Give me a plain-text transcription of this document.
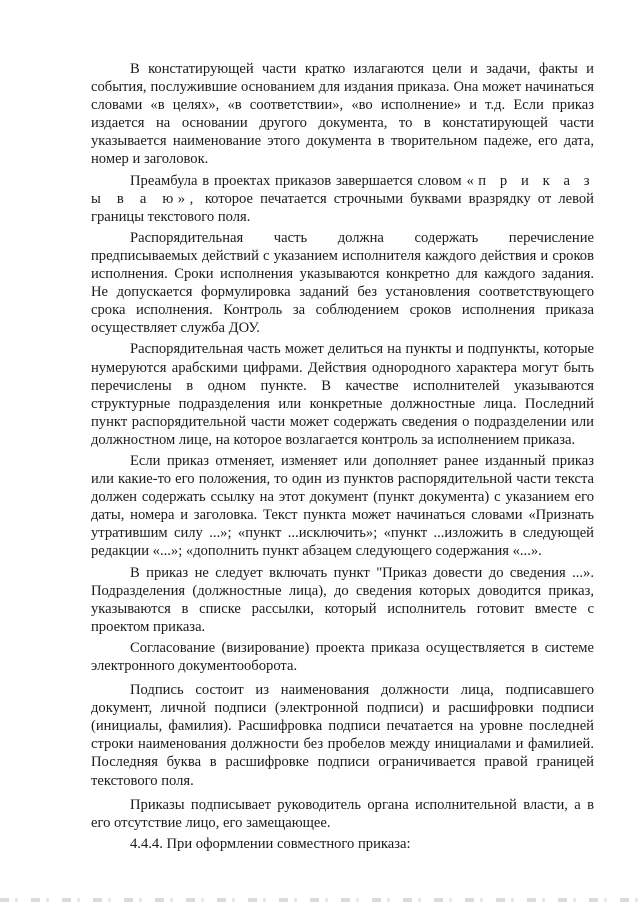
В констатирующей части кратко излагаются цели и задачи, факты и события, послужившие основанием для издания приказа. Она может начинаться словами «в целях», «в соответствии», «во исполнение» и т.д. Если приказ издается на основании другого документа, то в констатирующей части указывается наименование этого документа в творительном падеже, его дата, номер и заголовок.

Преамбула в проектах приказов завершается словом «п р и к а з ы в а ю», которое печатается строчными буквами вразрядку от левой границы текстового поля.

Распорядительная часть должна содержать перечисление предписываемых действий с указанием исполнителя каждого действия и сроков исполнения. Сроки исполнения указываются конкретно для каждого задания. Не допускается формулировка заданий без установления соответствующего срока исполнения. Контроль за соблюдением сроков исполнения приказа осуществляет служба ДОУ.

Распорядительная часть может делиться на пункты и подпункты, которые нумеруются арабскими цифрами. Действия однородного характера могут быть перечислены в одном пункте. В качестве исполнителей указываются структурные подразделения или конкретные должностные лица. Последний пункт распорядительной части может содержать сведения о подразделении или должностном лице, на которое возлагается контроль за исполнением приказа.

Если приказ отменяет, изменяет или дополняет ранее изданный приказ или какие-то его положения, то один из пунктов распорядительной части текста должен содержать ссылку на этот документ (пункт документа) с указанием его даты, номера и заголовка. Текст пункта может начинаться словами «Признать утратившим силу ...»; «пункт ...исключить»; «пункт ...изложить в следующей редакции «...»; «дополнить пункт абзацем следующего содержания «...».

В приказ не следует включать пункт "Приказ довести до сведения ...». Подразделения (должностные лица), до сведения которых доводится приказ, указываются в списке рассылки, который исполнитель готовит вместе с проектом приказа.

Согласование (визирование) проекта приказа осуществляется в системе электронного документооборота.

Подпись состоит из наименования должности лица, подписавшего документ, личной подписи (электронной подписи) и расшифровки подписи (инициалы, фамилия). Расшифровка подписи печатается на уровне последней строки наименования должности без пробелов между инициалами и фамилией. Последняя буква в расшифровке подписи ограничивается правой границей текстового поля.

Приказы подписывает руководитель органа исполнительной власти, а в его отсутствие лицо, его замещающее.

4.4.4. При оформлении совместного приказа:
